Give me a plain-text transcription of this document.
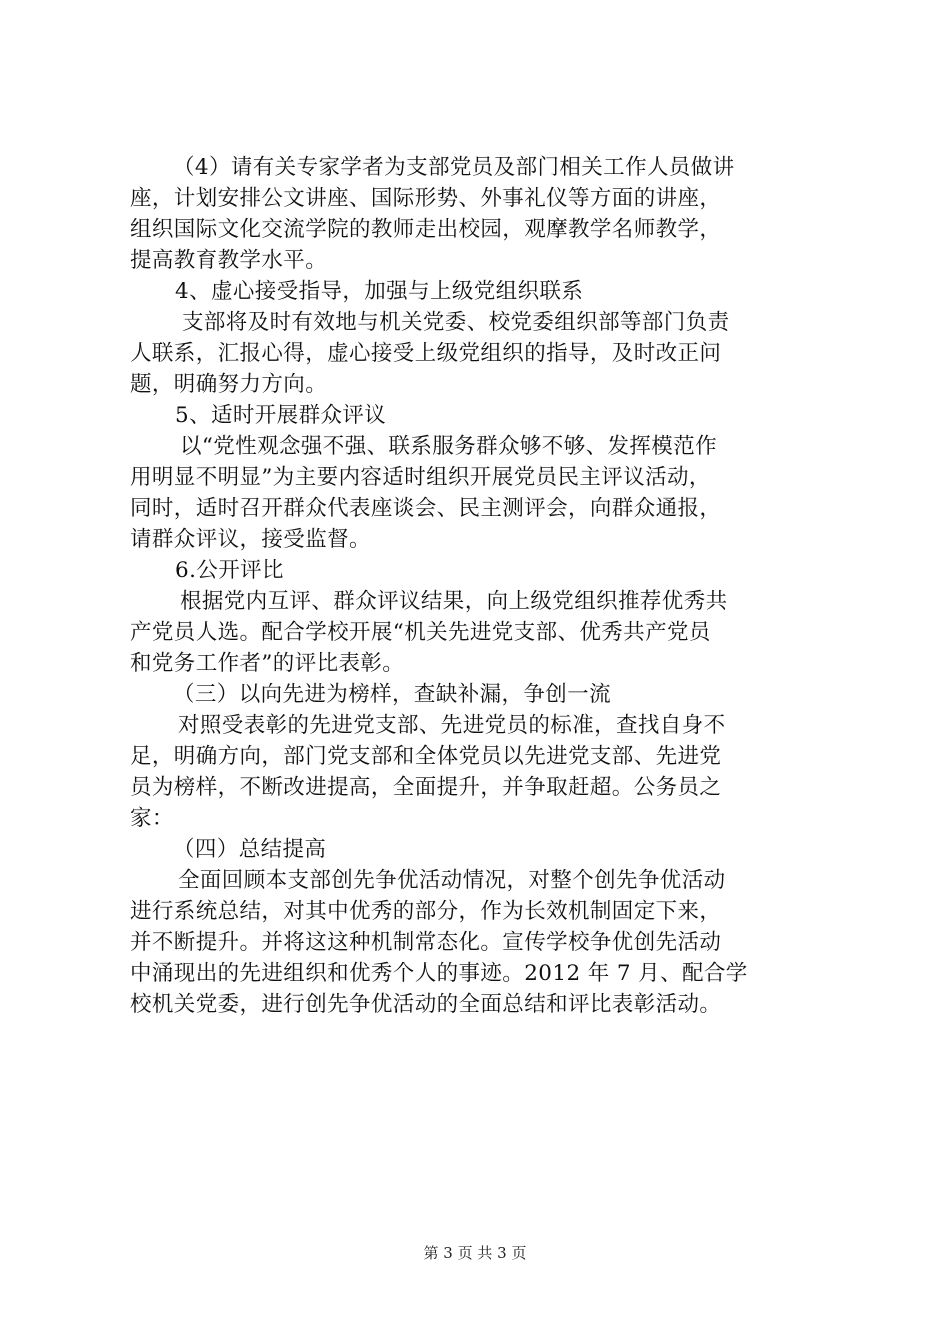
（4）请有关专家学者为支部党员及部门相关工作人员做讲
座，计划安排公文讲座、国际形势、外事礼仪等方面的讲座，
组织国际文化交流学院的教师走出校园，观摩教学名师教学，
提高教育教学水平。
4、虚心接受指导，加强与上级党组织联系
支部将及时有效地与机关党委、校党委组织部等部门负责
人联系，汇报心得，虚心接受上级党组织的指导，及时改正问
题，明确努力方向。
5、适时开展群众评议
以“党性观念强不强、联系服务群众够不够、发挥模范作
用明显不明显”为主要内容适时组织开展党员民主评议活动，
同时，适时召开群众代表座谈会、民主测评会，向群众通报，
请群众评议，接受监督。
6.公开评比
根据党内互评、群众评议结果，向上级党组织推荐优秀共
产党员人选。配合学校开展“机关先进党支部、优秀共产党员
和党务工作者”的评比表彰。
（三）以向先进为榜样，查缺补漏，争创一流
对照受表彰的先进党支部、先进党员的标准，查找自身不
足，明确方向，部门党支部和全体党员以先进党支部、先进党
员为榜样，不断改进提高，全面提升，并争取赶超。公务员之
家：
（四）总结提高
全面回顾本支部创先争优活动情况，对整个创先争优活动
进行系统总结，对其中优秀的部分，作为长效机制固定下来，
并不断提升。并将这这种机制常态化。宣传学校争优创先活动
中涌现出的先进组织和优秀个人的事迹。2012 年 7 月、配合学
校机关党委，进行创先争优活动的全面总结和评比表彰活动。
第 3 页 共 3 页
